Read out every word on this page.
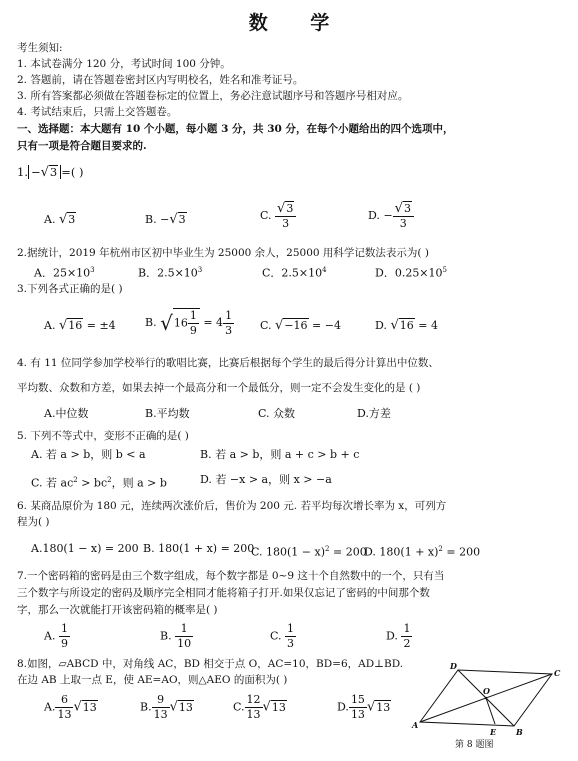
数 学
考生须知:
1. 本试卷满分 120 分，考试时间 100 分钟。
2. 答题前，请在答题卷密封区内写明校名，姓名和准考证号。
3. 所有答案都必须做在答题卷标定的位置上，务必注意试题序号和答题序号相对应。
4. 考试结束后，只需上交答题卷。
一、选择题：本大题有 10 个小题，每小题 3 分，共 30 分，在每个小题给出的四个选项中，
只有一项是符合题目要求的.
1. −√3 =( )
A. √3	B. −√3	C. $\frac{√3}{3}$	D. − $\frac{√3}{3}$
2.据统计，2019 年杭州市区初中毕业生为 25000 余人，25000 用科学记数法表示为( )
A．$25\times 10^3$	B．$2.5\times 10^3$	C．$2.5\times 10^4$	D．$0.25\times 10^5$
3.下列各式正确的是( )
A. √16 = ±4	B. $√16 \frac{1}{9} = 4 \frac{1}{3} C$. √−16 = −4	D. √16 = 4
4. 有 11 位同学参加学校举行的歌唱比赛，比赛后根据每个学生的最后得分计算出中位数、
平均数、众数和方差，如果去掉一个最高分和一个最低分，则一定不会发生变化的是 ( )
A.中位数	B.平均数	C. 众数	D.方差
5. 下列不等式中，变形不正确的是( )
A. 若 a > b，则 b < a	B. 若 a > b，则 a + c > b + c
C. 若 $ac^2 > bc^2$，则 a > b	D. 若 −x > a，则 x > −a
6. 某商品原价为 180 元，连续两次涨价后，售价为 200 元. 若平均每次增长率为 x，可列方
程为( )
A.180(1 − x) = 200 B. 180(1 + x) = 200
C. $180(1 - x)^2 = 200$
D. $180(1 + x)^2 = 200$
7.一个密码箱的密码是由三个数字组成，每个数字都是 0~9 这十个自然数中的一个，只有当
三个数字与所设定的密码及顺序完全相同才能将箱子打开.如果仅忘记了密码的中间那个数
字，那么一次就能打开该密码箱的概率是( )
A. $\frac{1}{9}$	B. $\frac{1}{10}$	C. $\frac{1}{3}$	D. $\frac{1}{2}$
8.如图，▱ABCD 中，对角线 AC，BD 相交于点 O，AC=10，BD=6，AD⊥BD.
在边 AB 上取一点 E，使 AE=AO，则△AEO 的面积为( )
A. $\frac{6}{13} √13$	B. $\frac{9}{13} √13$	C. $\frac{12}{13} √13$	D. $\frac{15}{13} √13$
A
D
C
B
E
O
第 8 题图
